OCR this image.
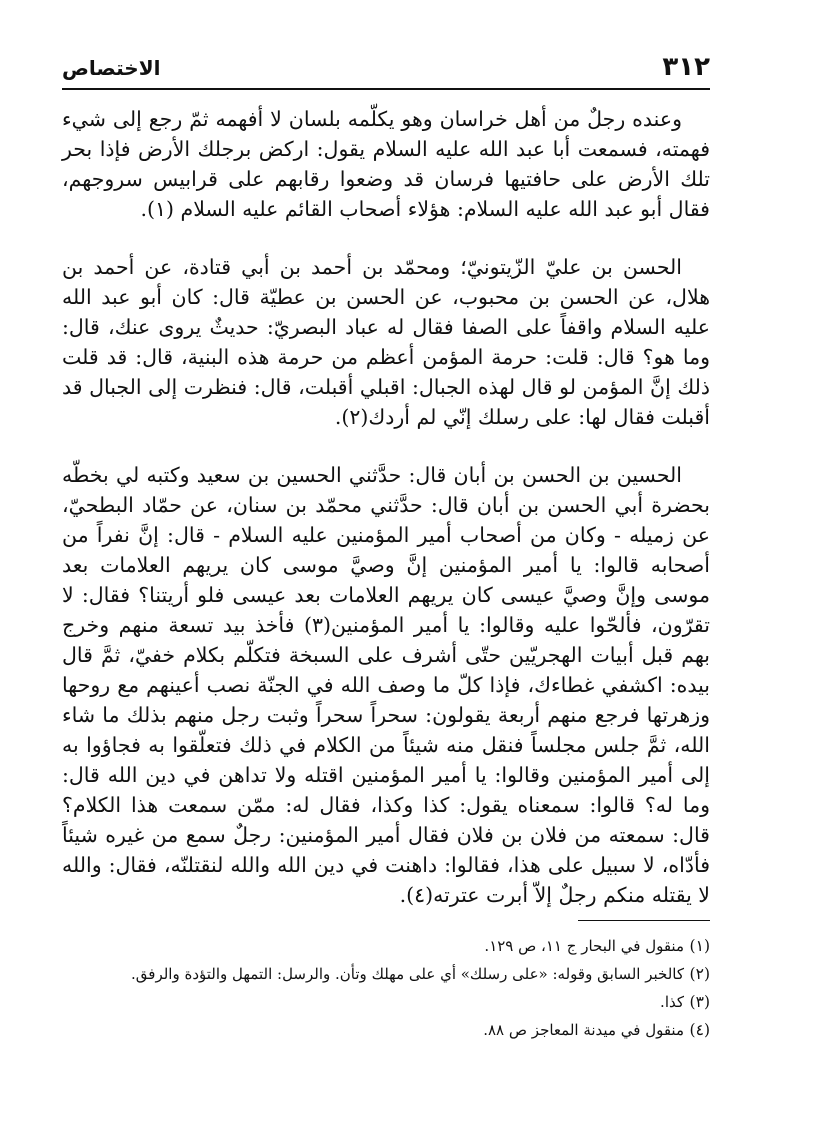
٣١٢
الاختصاص

وعنده رجلٌ من أهل خراسان وهو يكلّمه بلسان لا أفهمه ثمّ رجع إلى شيء فهمته، فسمعت أبا عبد الله عليه السلام يقول: اركض برجلك الأرض فإذا بحر تلك الأرض على حافتيها فرسان قد وضعوا رقابهم على قرابيس سروجهم، فقال أبو عبد الله عليه السلام: هؤلاء أصحاب القائم عليه السلام (١).

الحسن بن عليّ الزّيتونيّ؛ ومحمّد بن أحمد بن أبي قتادة، عن أحمد بن هلال، عن الحسن بن محبوب، عن الحسن بن عطيّة قال: كان أبو عبد الله عليه السلام واقفاً على الصفا فقال له عباد البصريّ: حديثٌ يروى عنك، قال: وما هو؟ قال: قلت: حرمة المؤمن أعظم من حرمة هذه البنية، قال: قد قلت ذلك إنَّ المؤمن لو قال لهذه الجبال: اقبلي أقبلت، قال: فنظرت إلى الجبال قد أقبلت فقال لها: على رسلك إنّي لم أردك(٢).

الحسين بن الحسن بن أبان قال: حدَّثني الحسين بن سعيد وكتبه لي بخطّه بحضرة أبي الحسن بن أبان قال: حدَّثني محمّد بن سنان، عن حمّاد البطحيّ، عن زميله - وكان من أصحاب أمير المؤمنين عليه السلام - قال: إنَّ نفراً من أصحابه قالوا: يا أمير المؤمنين إنَّ وصيَّ موسى كان يريهم العلامات بعد موسى وإنَّ وصيَّ عيسى كان يريهم العلامات بعد عيسى فلو أريتنا؟ فقال: لا تقرّون، فألحّوا عليه وقالوا: يا أمير المؤمنين(٣) فأخذ بيد تسعة منهم وخرج بهم قبل أبيات الهجريّين حتّى أشرف على السبخة فتكلّم بكلام خفيّ، ثمَّ قال بيده: اكشفي غطاءك، فإذا كلّ ما وصف الله في الجنّة نصب أعينهم مع روحها وزهرتها فرجع منهم أربعة يقولون: سحراً سحراً وثبت رجل منهم بذلك ما شاء الله، ثمَّ جلس مجلساً فنقل منه شيئاً من الكلام في ذلك فتعلّقوا به فجاؤوا به إلى أمير المؤمنين وقالوا: يا أمير المؤمنين اقتله ولا تداهن في دين الله قال: وما له؟ قالوا: سمعناه يقول: كذا وكذا، فقال له: ممّن سمعت هذا الكلام؟ قال: سمعته من فلان بن فلان فقال أمير المؤمنين: رجلٌ سمع من غيره شيئاً فأدّاه، لا سبيل على هذا، فقالوا: داهنت في دين الله والله لنقتلنّه، فقال: والله لا يقتله منكم رجلٌ إلاّ أبرت عترته(٤).

(١)
منقول في البحار ج ١١، ص ١٢٩.
(٢)
كالخبر السابق وقوله: «على رسلك» أي على مهلك وتأن. والرسل: التمهل والتؤدة والرفق.
(٣)
كذا.
(٤)
منقول في ميدنة المعاجز ص ٨٨.
